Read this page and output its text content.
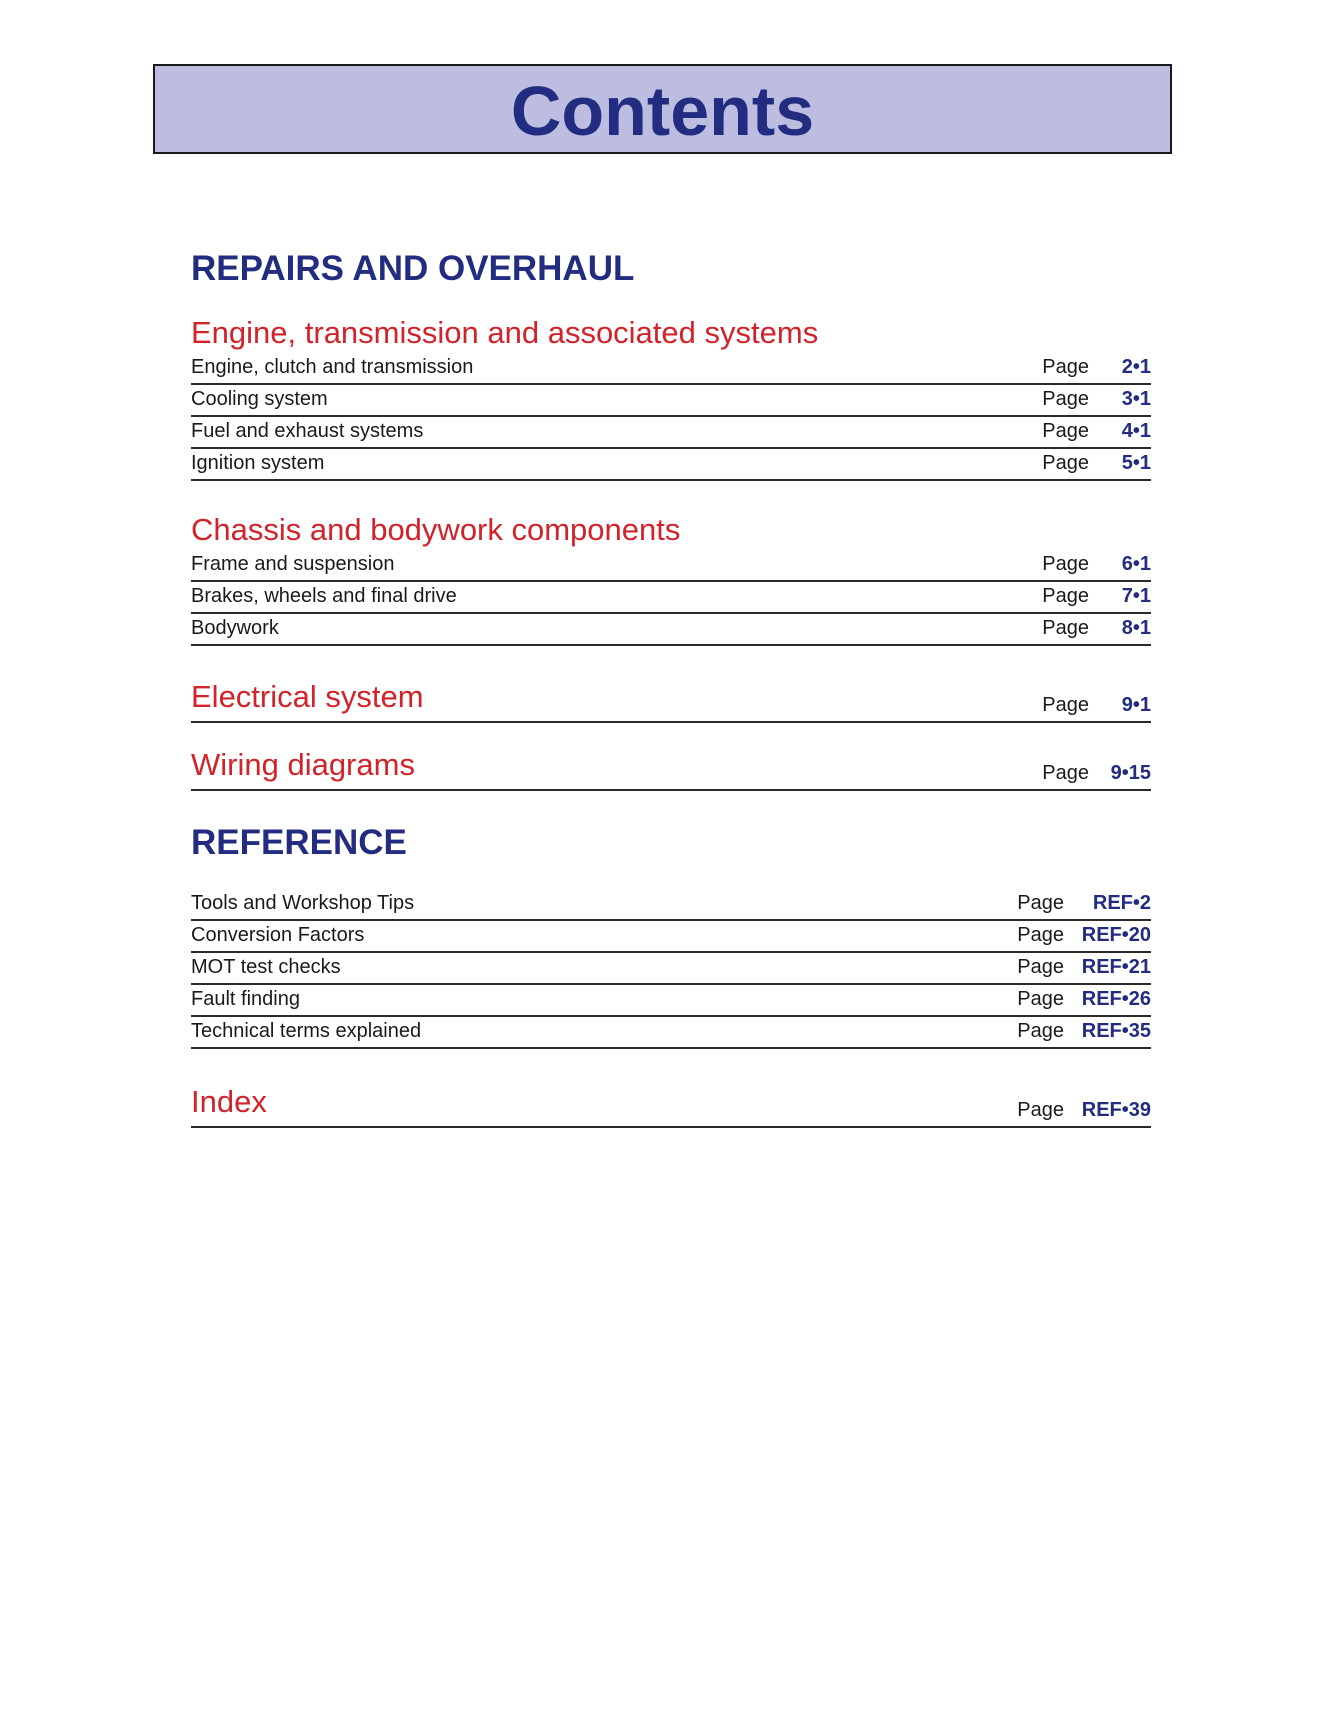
Contents
REPAIRS AND OVERHAUL
Engine, transmission and associated systems
Engine, clutch and transmission	Page 2•1
Cooling system	Page 3•1
Fuel and exhaust systems	Page 4•1
Ignition system	Page 5•1
Chassis and bodywork components
Frame and suspension	Page 6•1
Brakes, wheels and final drive	Page 7•1
Bodywork	Page 8•1
Electrical system	Page 9•1
Wiring diagrams	Page 9•15
REFERENCE
Tools and Workshop Tips	Page REF•2
Conversion Factors	Page REF•20
MOT test checks	Page REF•21
Fault finding	Page REF•26
Technical terms explained	Page REF•35
Index	Page REF•39
